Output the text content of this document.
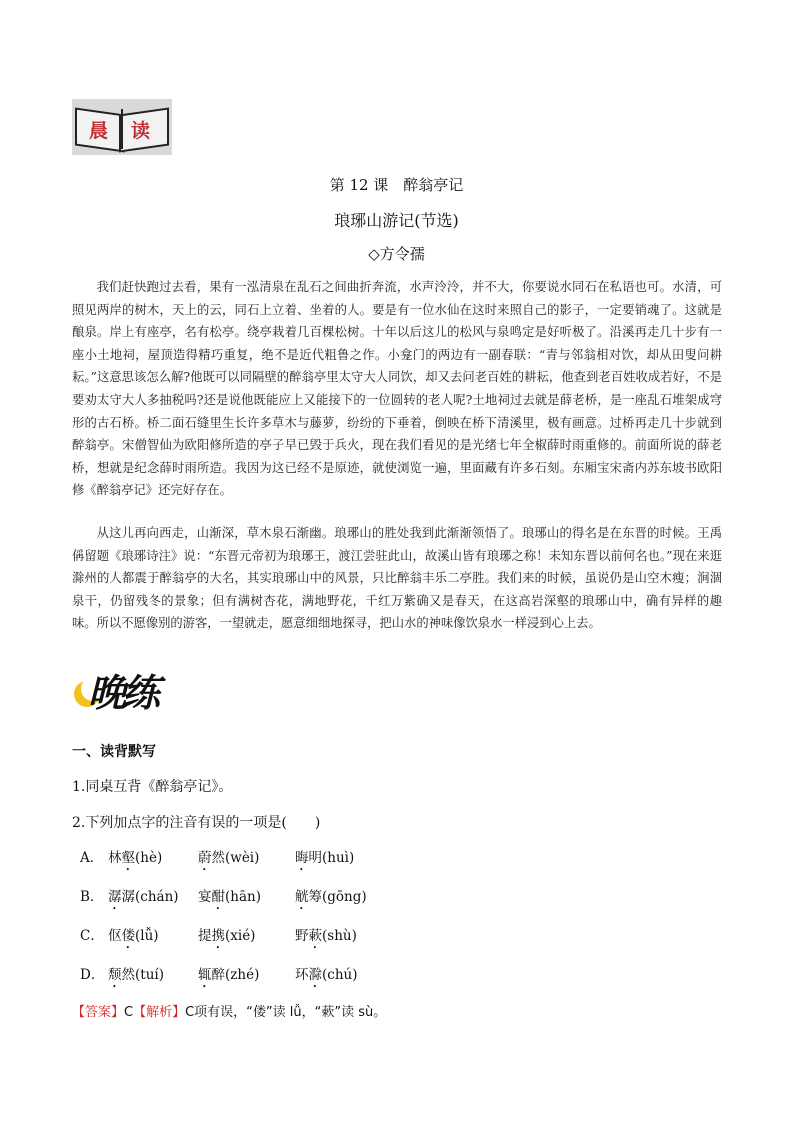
晨 读
第 12 课　醉翁亭记
琅琊山游记(节选)
◇方令孺

我们赶快跑过去看，果有一泓清泉在乱石之间曲折奔流，水声泠泠，并不大，你要说水同石在私语也可。水清，可照见两岸的树木，天上的云，同石上立着、坐着的人。要是有一位水仙在这时来照自己的影子，一定要销魂了。这就是酿泉。岸上有座亭，名有松亭。绕亭栽着几百棵松树。十年以后这儿的松风与泉鸣定是好听极了。沿溪再走几十步有一座小土地祠，屋顶造得精巧重复，绝不是近代粗鲁之作。小龛门的两边有一副春联：“青与邻翁相对饮，却从田叟问耕耘。”这意思该怎么解?他既可以同隔壁的醉翁亭里太守大人同饮，却又去问老百姓的耕耘，他查到老百姓收成若好，不是要劝太守大人多抽税吗?还是说他既能应上又能接下的一位圆转的老人呢?土地祠过去就是薛老桥，是一座乱石堆架成穹形的古石桥。桥二面石缝里生长许多草木与藤萝，纷纷的下垂着，倒映在桥下清溪里，极有画意。过桥再走几十步就到醉翁亭。宋僧智仙为欧阳修所造的亭子早已毁于兵火，现在我们看见的是光绪七年全椒薛时雨重修的。前面所说的薛老桥，想就是纪念薛时雨所造。我因为这已经不是原迹，就使浏览一遍，里面藏有许多石刻。东厢宝宋斋内苏东坡书欧阳修《醉翁亭记》还完好存在。

从这儿再向西走，山渐深，草木泉石渐幽。琅琊山的胜处我到此渐渐领悟了。琅琊山的得名是在东晋的时候。王禹偁留题《琅琊诗注》说：“东晋元帝初为琅琊王，渡江尝驻此山，故溪山皆有琅琊之称！未知东晋以前何名也。”现在来逛滁州的人都震于醉翁亭的大名，其实琅琊山中的风景，只比醉翁丰乐二亭胜。我们来的时候，虽说仍是山空木瘦；涧涸泉干，仍留残冬的景象；但有满树杏花，满地野花，千红万紫确又是春天，在这高岩深壑的琅琊山中，确有异样的趣味。所以不愿像别的游客，一望就走，愿意细细地探寻，把山水的神味像饮泉水一样浸到心上去。

晚练
一、读背默写
1.同桌互背《醉翁亭记》。
2.下列加点字的注音有误的一项是(　　)
A． 林壑(hè)	蔚然(wèi)	晦明(huì)
B． 潺潺(chán) 宴酣(hān)	觥筹(gōng)
C． 伛偻(lǚ)	提携(xié)	野蔌(shù)
D． 颓然(tuí)	辄醉(zhé)	环滁(chú)
【答案】C【解析】C项有误，“偻”读 lǚ，“蔌”读 sù。
